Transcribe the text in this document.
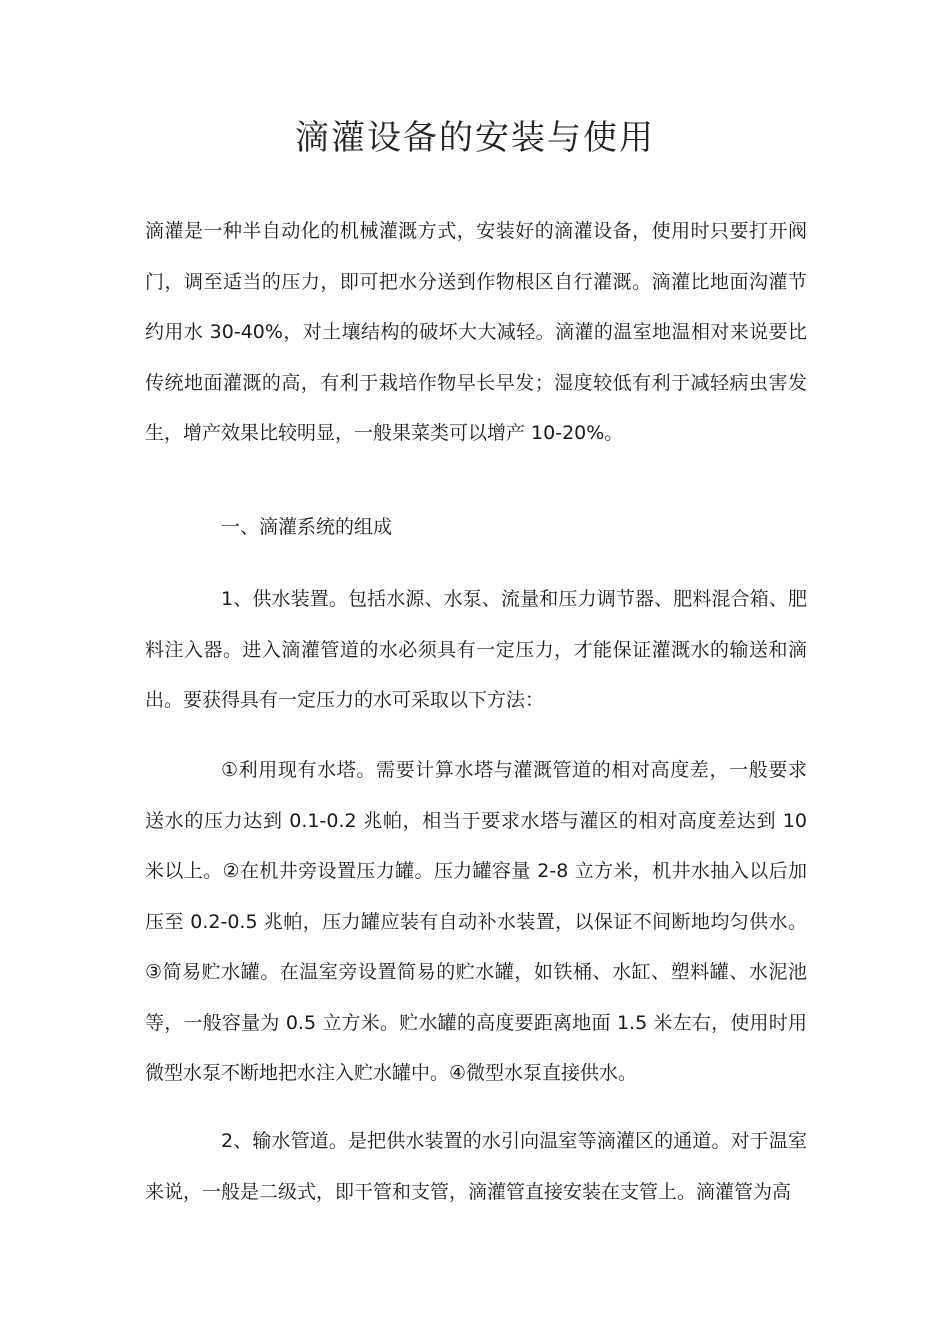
滴灌设备的安装与使用

滴灌是一种半自动化的机械灌溉方式，安装好的滴灌设备，使用时只要打开阀门，调至适当的压力，即可把水分送到作物根区自行灌溉。滴灌比地面沟灌节约用水 30-40%，对土壤结构的破坏大大减轻。滴灌的温室地温相对来说要比传统地面灌溉的高，有利于栽培作物早长早发；湿度较低有利于减轻病虫害发生，增产效果比较明显，一般果菜类可以增产 10-20%。

一、滴灌系统的组成

1、供水装置。包括水源、水泵、流量和压力调节器、肥料混合箱、肥料注入器。进入滴灌管道的水必须具有一定压力，才能保证灌溉水的输送和滴出。要获得具有一定压力的水可采取以下方法：

①利用现有水塔。需要计算水塔与灌溉管道的相对高度差，一般要求送水的压力达到 0.1-0.2 兆帕，相当于要求水塔与灌区的相对高度差达到 10 米以上。②在机井旁设置压力罐。压力罐容量 2-8 立方米，机井水抽入以后加压至 0.2-0.5 兆帕，压力罐应装有自动补水装置，以保证不间断地均匀供水。③简易贮水罐。在温室旁设置简易的贮水罐，如铁桶、水缸、塑料罐、水泥池等，一般容量为 0.5 立方米。贮水罐的高度要距离地面 1.5 米左右，使用时用微型水泵不断地把水注入贮水罐中。④微型水泵直接供水。

2、输水管道。是把供水装置的水引向温室等滴灌区的通道。对于温室来说，一般是二级式，即干管和支管，滴灌管直接安装在支管上。滴灌管为高
